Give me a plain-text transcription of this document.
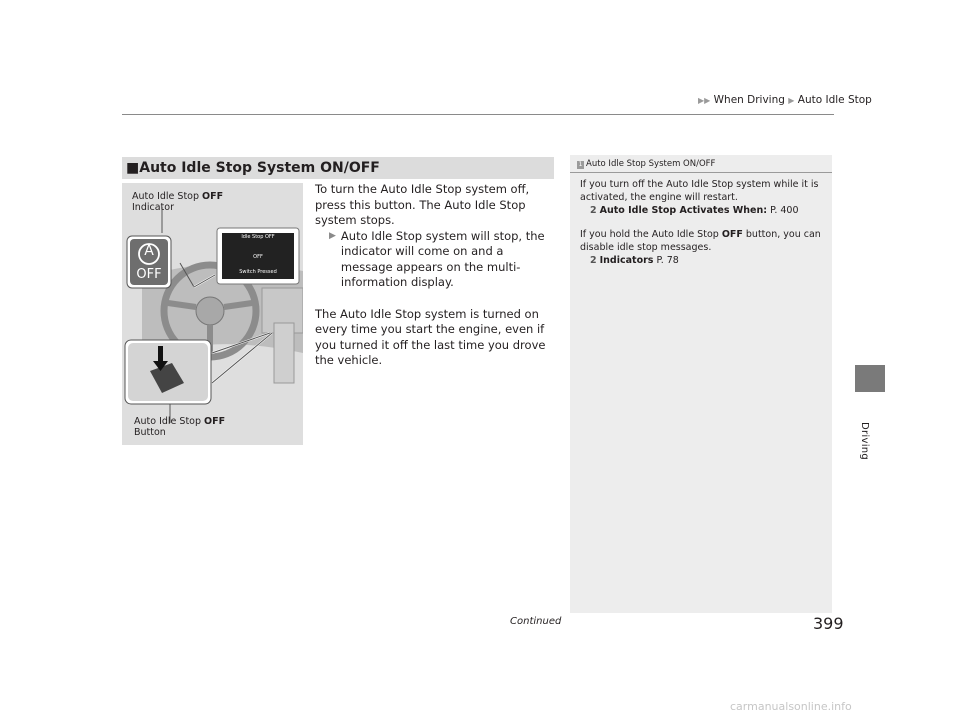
▶▶ When Driving ▶ Auto Idle Stop
Driving
■Auto Idle Stop System ON/OFF
Auto Idle Stop OFF
Indicator
A
OFF
Idle Stop OFF
OFF
Switch Pressed
Auto Idle Stop OFF
Button

To turn the Auto Idle Stop system off, press this button. The Auto Idle Stop system stops.

▶ Auto Idle Stop system will stop, the indicator will come on and a message appears on the multi-information display.

The Auto Idle Stop system is turned on every time you start the engine, even if you turned it off the last time you drove the vehicle.

1 Auto Idle Stop System ON/OFF

If you turn off the Auto Idle Stop system while it is activated, the engine will restart.

2 Auto Idle Stop Activates When: P. 400

If you hold the Auto Idle Stop OFF button, you can disable idle stop messages.

2 Indicators P. 78

Continued	399
carmanualsonline.info
